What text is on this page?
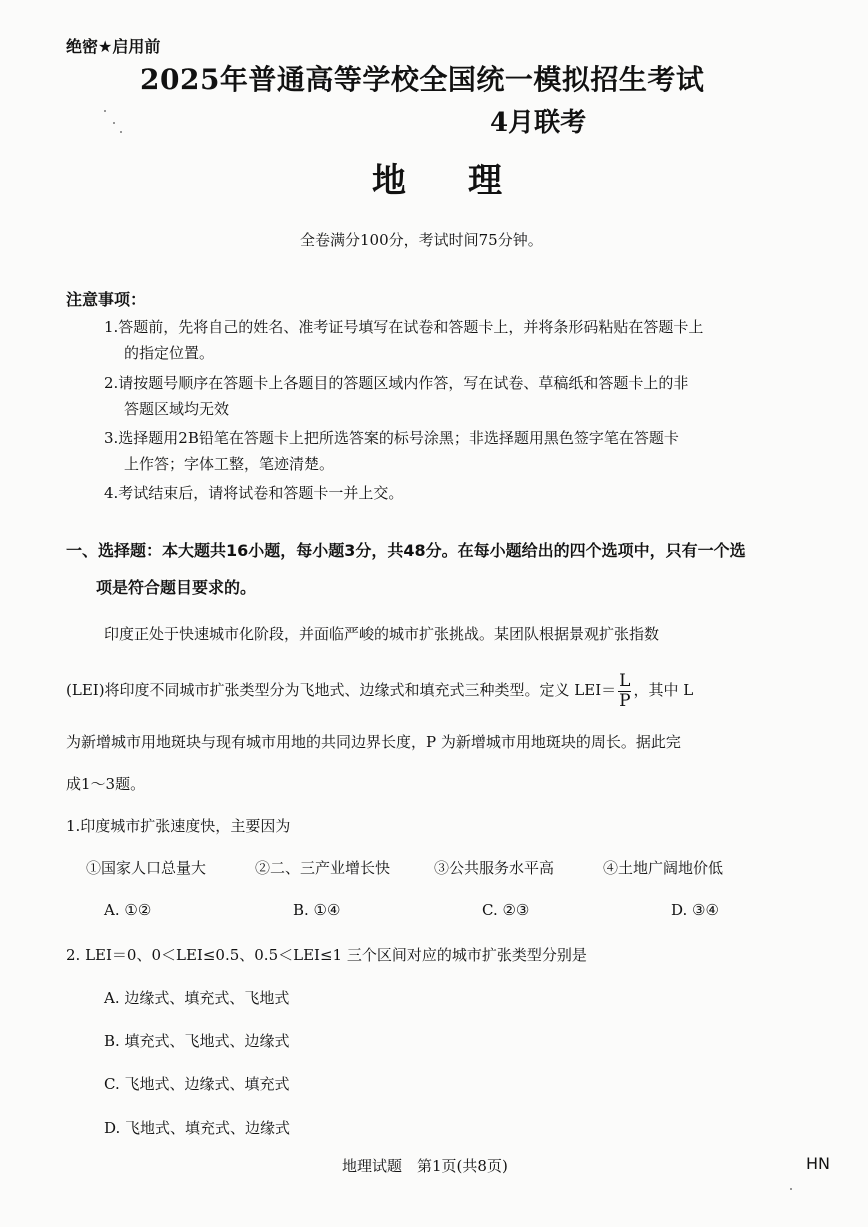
绝密★启用前
2025年普通高等学校全国统一模拟招生考试
4月联考
地　理
全卷满分100分，考试时间75分钟。
注意事项：
1.答题前，先将自己的姓名、准考证号填写在试卷和答题卡上，并将条形码粘贴在答题卡上
的指定位置。
2.请按题号顺序在答题卡上各题目的答题区域内作答，写在试卷、草稿纸和答题卡上的非
答题区域均无效
3.选择题用2B铅笔在答题卡上把所选答案的标号涂黑；非选择题用黑色签字笔在答题卡
上作答；字体工整，笔迹清楚。
4.考试结束后，请将试卷和答题卡一并上交。
一、选择题：本大题共16小题，每小题3分，共48分。在每小题给出的四个选项中，只有一个选
项是符合题目要求的。
印度正处于快速城市化阶段，并面临严峻的城市扩张挑战。某团队根据景观扩张指数
(LEI)将印度不同城市扩张类型分为飞地式、边缘式和填充式三种类型。定义 $LEI= \frac{L}{P}$ ，其中 L
为新增城市用地斑块与现有城市用地的共同边界长度，P 为新增城市用地斑块的周长。据此完
成1～3题。
1.印度城市扩张速度快，主要因为
①国家人口总量大	②二、三产业增长快	③公共服务水平高	④土地广阔地价低
A. ①②	B. ①④	C. ②③	D. ③④
2. LEI＝0、0＜LEI≤0.5、0.5＜LEI≤1 三个区间对应的城市扩张类型分别是
A. 边缘式、填充式、飞地式
B. 填充式、飞地式、边缘式
C. 飞地式、边缘式、填充式
D. 飞地式、填充式、边缘式
地理试题　第1页(共8页)	HN
